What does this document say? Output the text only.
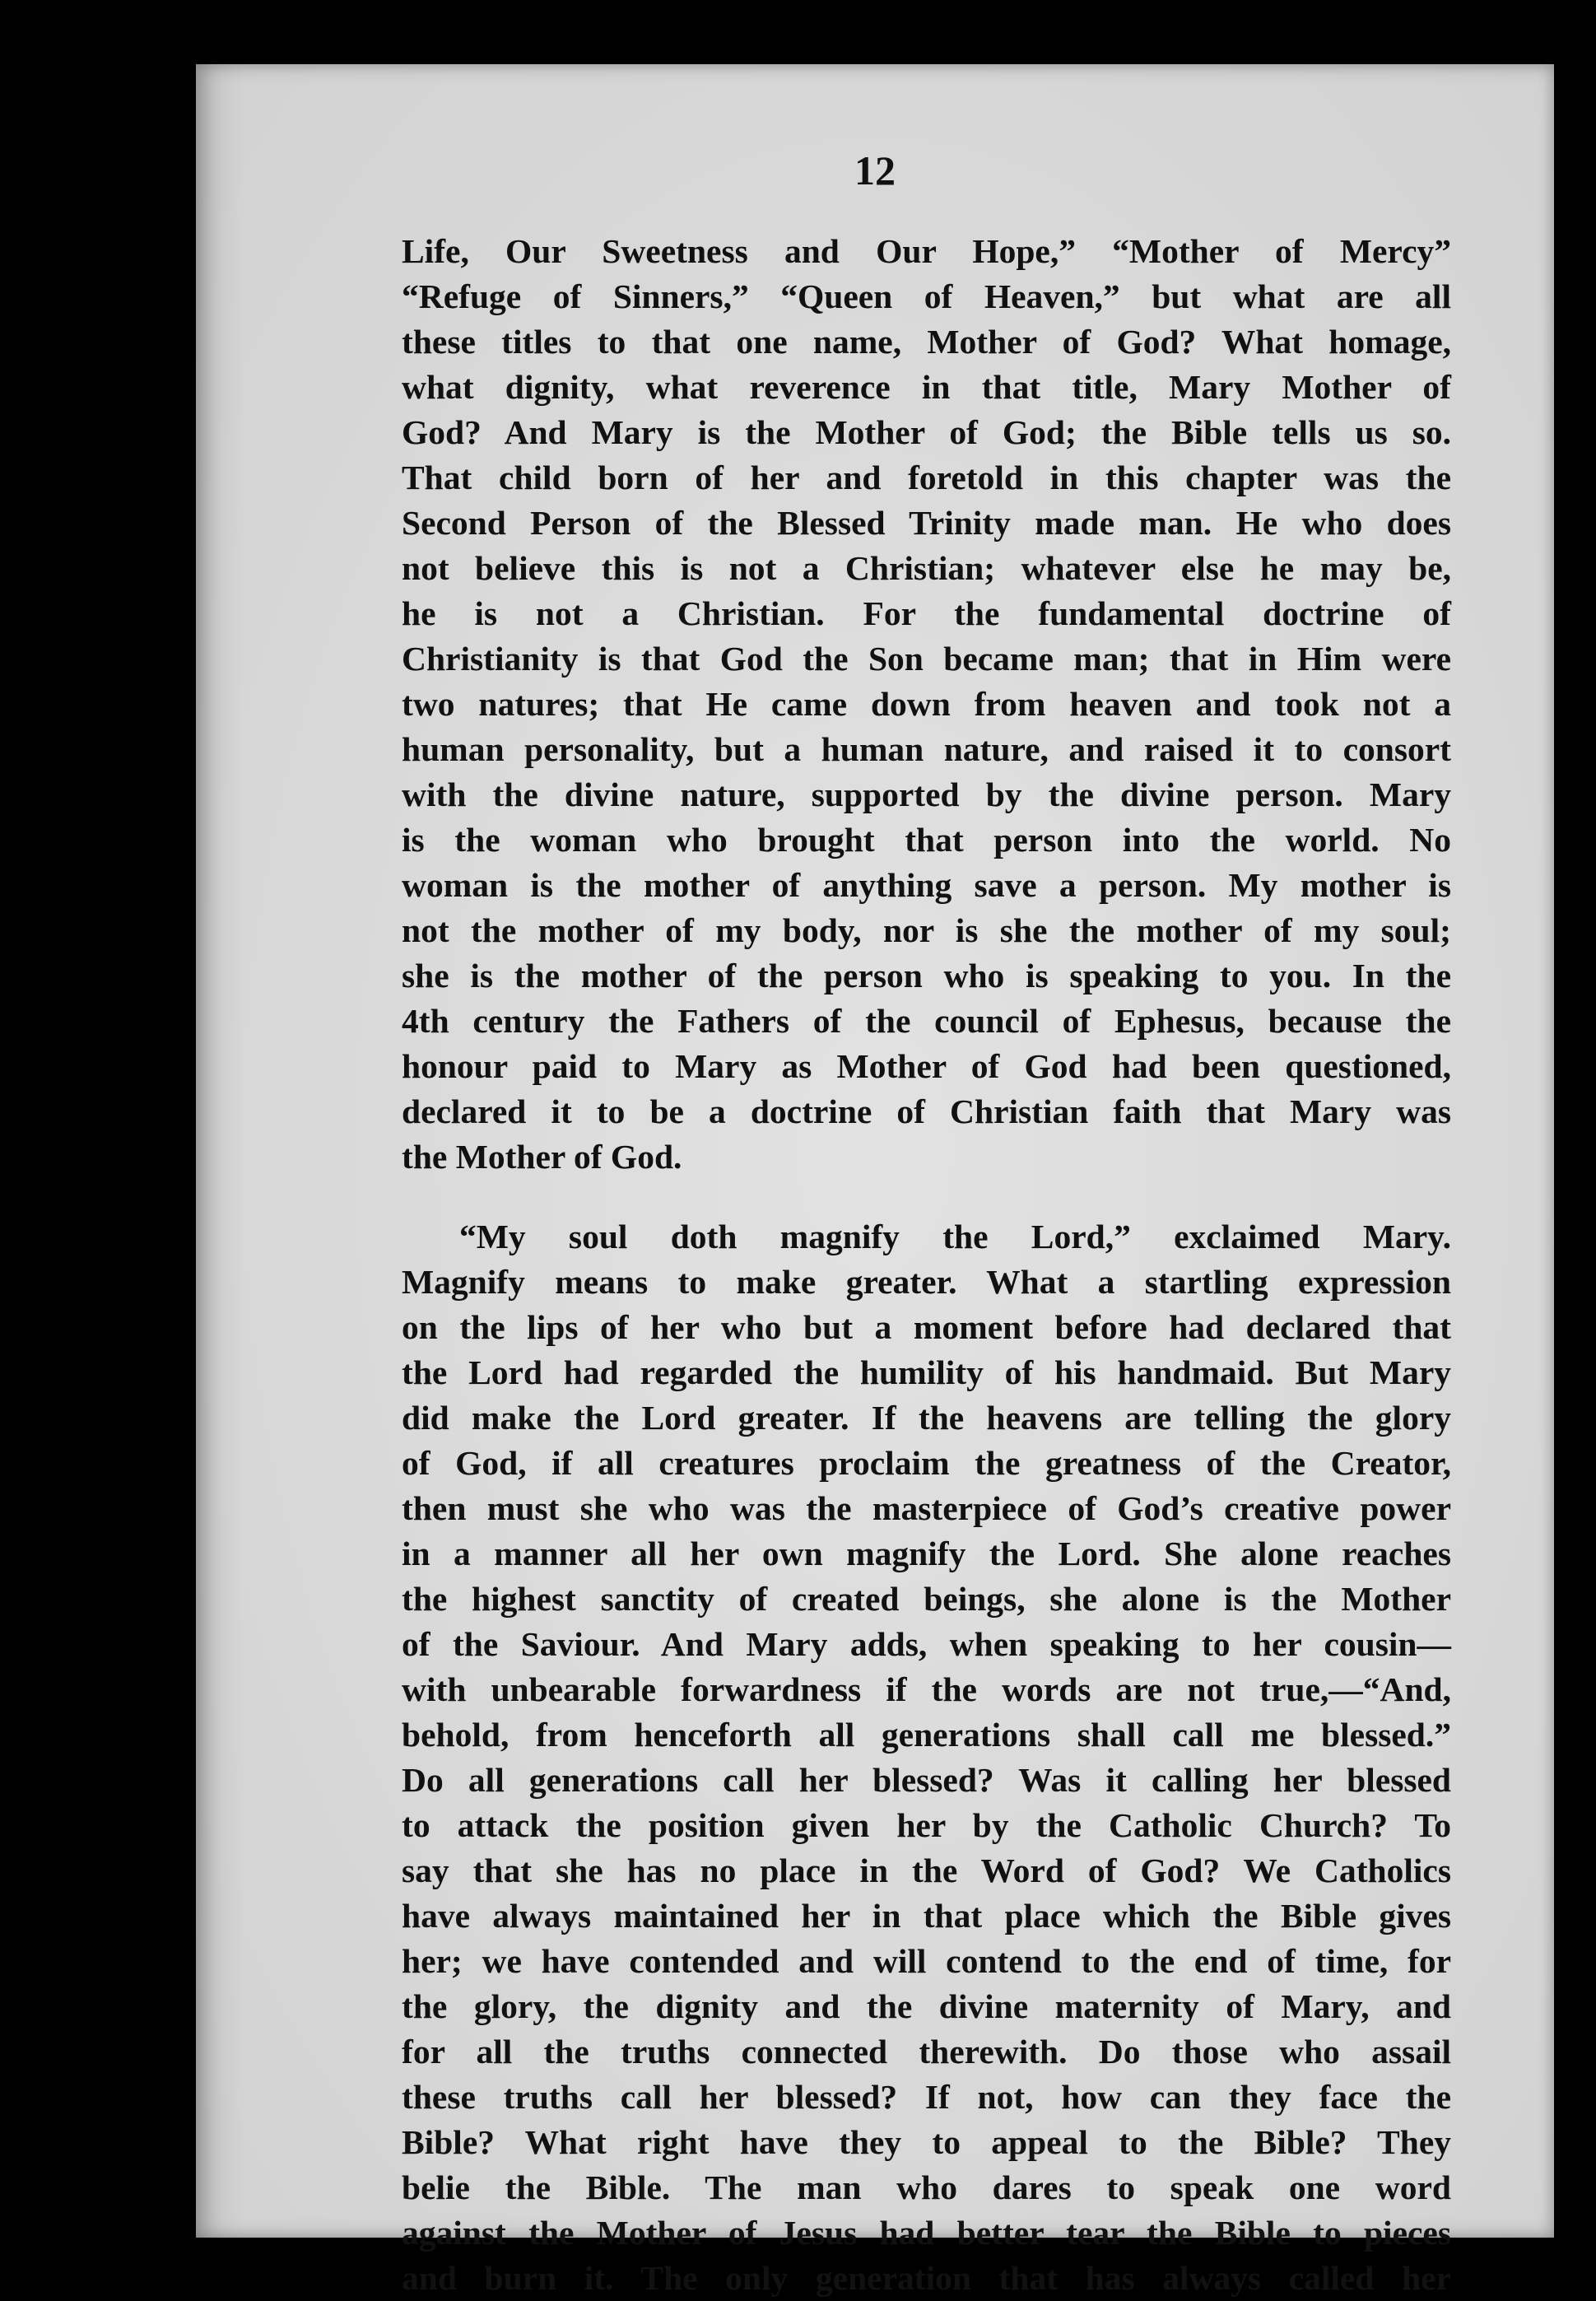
12
Life, Our Sweetness and Our Hope,” “Mother of Mercy”
“Refuge of Sinners,” “Queen of Heaven,” but what are all
these titles to that one name, Mother of God? What homage,
what dignity, what reverence in that title, Mary Mother of
God? And Mary is the Mother of God; the Bible tells us so.
That child born of her and foretold in this chapter was the
Second Person of the Blessed Trinity made man. He who does
not believe this is not a Christian; whatever else he may be,
he is not a Christian. For the fundamental doctrine of
Christianity is that God the Son became man; that in Him were
two natures; that He came down from heaven and took not a
human personality, but a human nature, and raised it to consort
with the divine nature, supported by the divine person. Mary
is the woman who brought that person into the world. No
woman is the mother of anything save a person. My mother is
not the mother of my body, nor is she the mother of my soul;
she is the mother of the person who is speaking to you. In the
4th century the Fathers of the council of Ephesus, because the
honour paid to Mary as Mother of God had been questioned,
declared it to be a doctrine of Christian faith that Mary was
the Mother of God.
“My soul doth magnify the Lord,” exclaimed Mary.
Magnify means to make greater. What a startling expression
on the lips of her who but a moment before had declared that
the Lord had regarded the humility of his handmaid. But Mary
did make the Lord greater. If the heavens are telling the glory
of God, if all creatures proclaim the greatness of the Creator,
then must she who was the masterpiece of God’s creative power
in a manner all her own magnify the Lord. She alone reaches
the highest sanctity of created beings, she alone is the Mother
of the Saviour. And Mary adds, when speaking to her cousin—
with unbearable forwardness if the words are not true,—“And,
behold, from henceforth all generations shall call me blessed.”
Do all generations call her blessed? Was it calling her blessed
to attack the position given her by the Catholic Church? To
say that she has no place in the Word of God? We Catholics
have always maintained her in that place which the Bible gives
her; we have contended and will contend to the end of time, for
the glory, the dignity and the divine maternity of Mary, and
for all the truths connected therewith. Do those who assail
these truths call her blessed? If not, how can they face the
Bible? What right have they to appeal to the Bible? They
belie the Bible. The man who dares to speak one word
against the Mother of Jesus had better tear the Bible to pieces
and burn it. The only generation that has always called her
